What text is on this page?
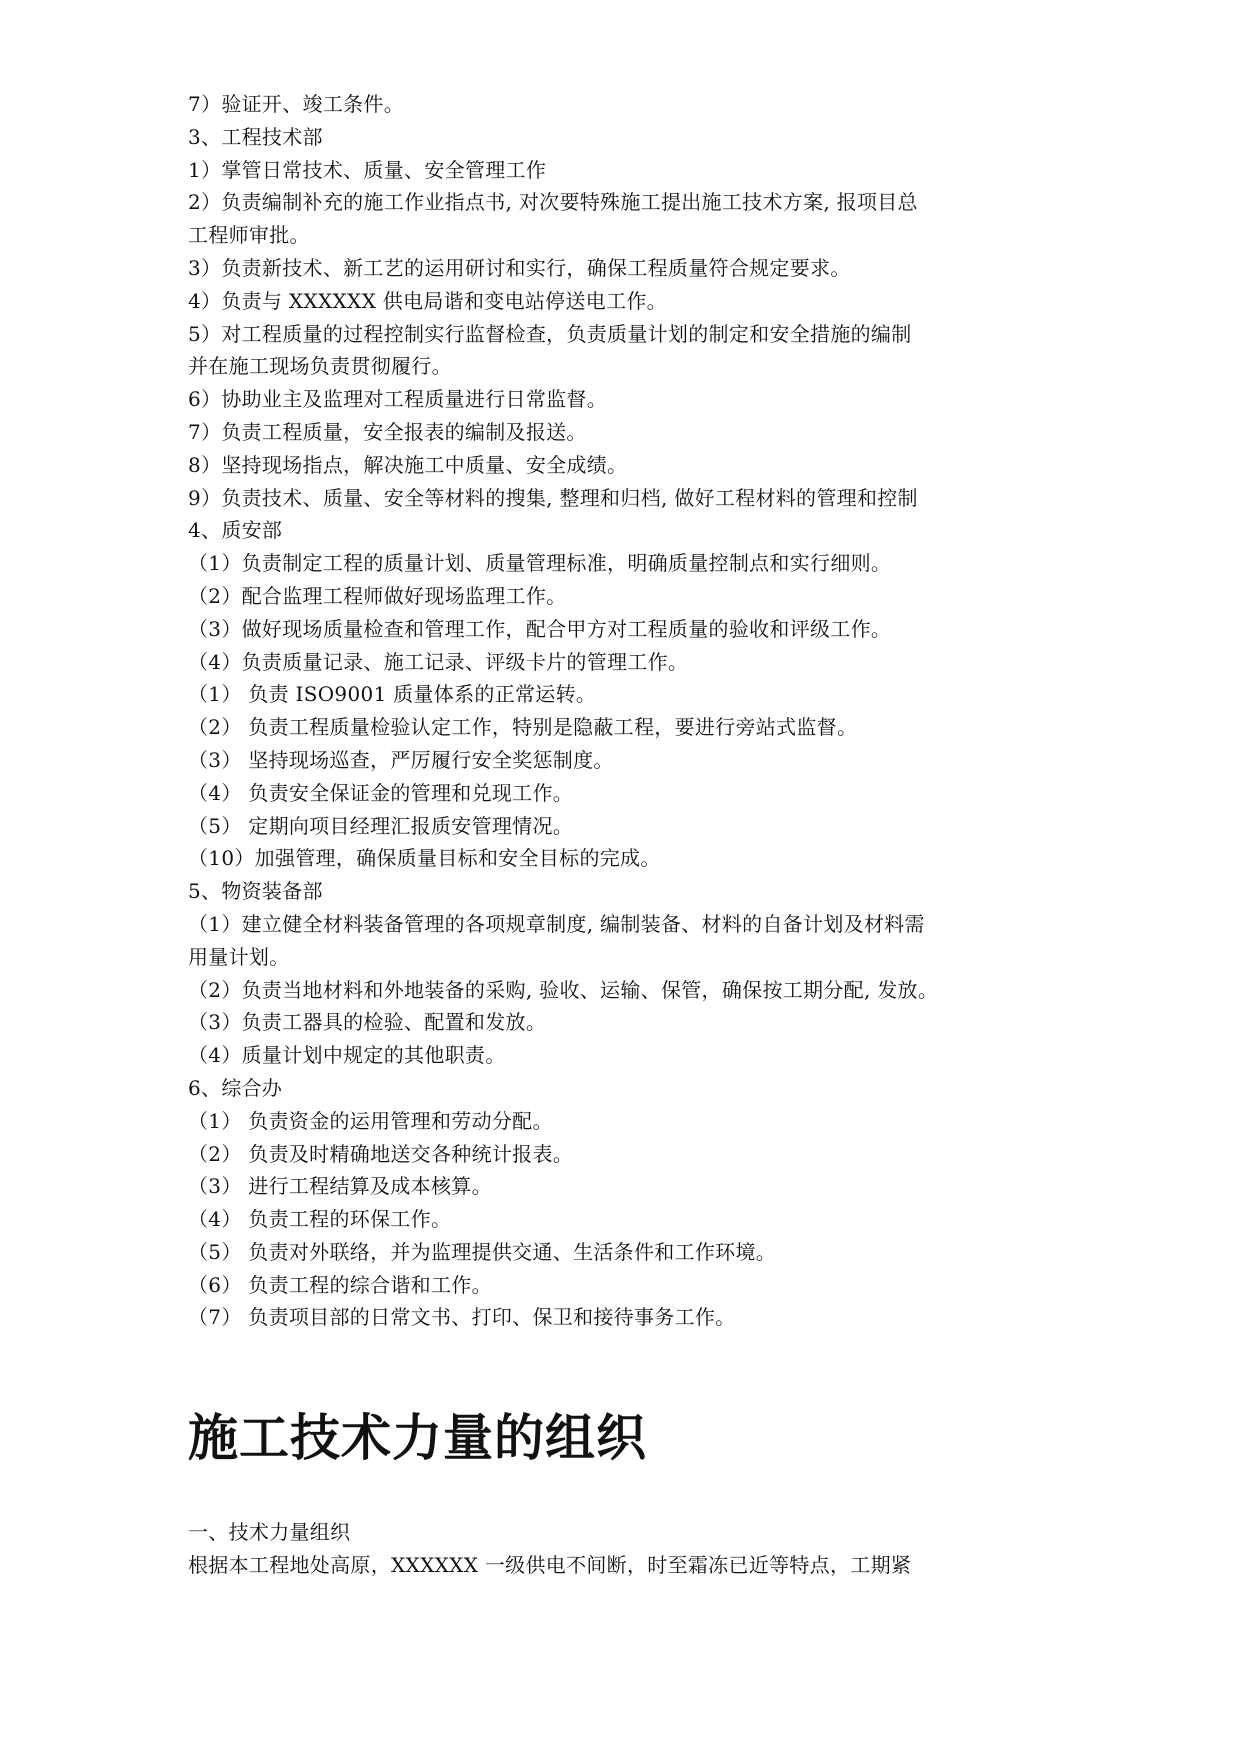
7）验证开、竣工条件。

3、工程技术部

1）掌管日常技术、质量、安全管理工作

2）负责编制补充的施工作业指点书, 对次要特殊施工提出施工技术方案, 报项目总

工程师审批。

3）负责新技术、新工艺的运用研讨和实行，确保工程质量符合规定要求。

4）负责与 XXXXXX 供电局谐和变电站停送电工作。

5）对工程质量的过程控制实行监督检查，负责质量计划的制定和安全措施的编制

并在施工现场负责贯彻履行。

6）协助业主及监理对工程质量进行日常监督。

7）负责工程质量，安全报表的编制及报送。

8）坚持现场指点，解决施工中质量、安全成绩。

9）负责技术、质量、安全等材料的搜集, 整理和归档, 做好工程材料的管理和控制

4、质安部

（1）负责制定工程的质量计划、质量管理标准，明确质量控制点和实行细则。

（2）配合监理工程师做好现场监理工作。

（3）做好现场质量检查和管理工作，配合甲方对工程质量的验收和评级工作。

（4）负责质量记录、施工记录、评级卡片的管理工作。

（1） 负责 ISO9001 质量体系的正常运转。

（2） 负责工程质量检验认定工作，特别是隐蔽工程，要进行旁站式监督。

（3） 坚持现场巡查，严厉履行安全奖惩制度。

（4） 负责安全保证金的管理和兑现工作。

（5） 定期向项目经理汇报质安管理情况。

（10）加强管理，确保质量目标和安全目标的完成。

5、物资装备部

（1）建立健全材料装备管理的各项规章制度, 编制装备、材料的自备计划及材料需

用量计划。

（2）负责当地材料和外地装备的采购, 验收、运输、保管，确保按工期分配, 发放。

（3）负责工器具的检验、配置和发放。

（4）质量计划中规定的其他职责。

6、综合办

（1） 负责资金的运用管理和劳动分配。

（2） 负责及时精确地送交各种统计报表。

（3） 进行工程结算及成本核算。

（4） 负责工程的环保工作。

（5） 负责对外联络，并为监理提供交通、生活条件和工作环境。

（6） 负责工程的综合谐和工作。

（7） 负责项目部的日常文书、打印、保卫和接待事务工作。

施工技术力量的组织

一、技术力量组织

根据本工程地处高原，XXXXXX 一级供电不间断，时至霜冻已近等特点，工期紧
